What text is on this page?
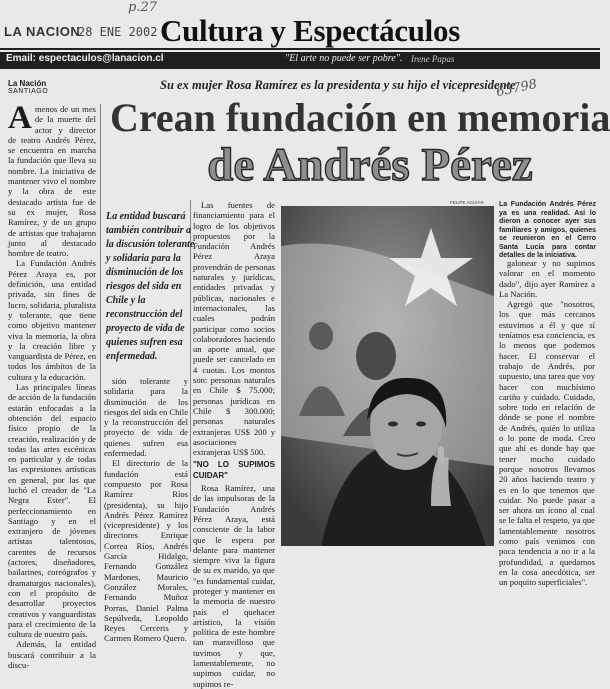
LA NACION
28 ENE 2002
p.27
Cultura y Espectáculos
Email: espectaculos@lanacion.cl	"El arte no puede ser pobre". Irene Papas
La Nación
SANTIAGO	Su ex mujer Rosa Ramírez es la presidenta y su hijo el vicepresidente
63798
Crean fundación en memoria
de Andrés Pérez
A menos de un mes de la muerte del actor y director de teatro Andrés Pérez, se encuentra en marcha la fundación que lleva su nombre. La iniciativa de mantener vivo el nombre y la obra de este destacado artista fue de su ex mujer, Rosa Ramírez, y de un grupo de artistas que trabajaron junto al destacado hombre de teatro.

La Fundación Andrés Pérez Araya es, por definición, una entidad privada, sin fines de lucro, solidaria, pluralista y tolerante, que tiene como objetivo mantener viva la memoria, la obra y la creación libre y vanguardista de Pérez, en todos los ámbitos de la cultura y la educación.

Las principales líneas de acción de la fundación estarán enfocadas a la obtención del espacio físico propio de la creación, realización y de todas las artes escénicas en particular y de todas las expresiones artísticas en general, por las que luchó el creador de "La Negra Ester". El perfeccionamiento en Santiago y en el extranjero de jóvenes artistas talentosos, carentes de recursos (actores, diseñadores, bailarines, coreógrafos y dramaturgos nacionales), con el propósito de desarrollar proyectos creativos y vanguardistas para el crecimiento de la cultura de nuestro país.

Además, la entidad buscará contribuir a la discu-

La entidad buscará también contribuir a la discusión tolerante y solidaria para la disminución de los riesgos del sida en Chile y la reconstrucción del proyecto de vida de quienes sufren esa enfermedad.

sión tolerante y solidaria para la disminución de los riesgos del sida en Chile y la reconstrucción del proyecto de vida de quienes sufren esa enfermedad.

El directorio de la fundación está compuesto por Rosa Ramírez Ríos (presidenta), su hijo Andrés Pérez Ramírez (vicepresidente) y los directores Enrique Correa Ríos, Andrés García Hidalgo, Fernando González Mardones, Mauricio González Morales, Fernando Muñoz Porras, Daniel Palma Sepúlveda, Leopoldo Reyes Cerceris y Carmen Romero Quero.

Las fuentes de financiamiento para el logro de los objetivos propuestos por la Fundación Andrés Pérez Araya provendrán de personas naturales y jurídicas, entidades privadas y públicas, nacionales e internacionales, las cuales podrán participar como socios colaboradores haciendo un aporte anual, que puede ser cancelado en 4 cuotas. Los montos son: personas naturales en Chile $ 75.000; personas jurídicas en Chile $ 300.000; personas naturales extranjeras US$ 200 y asociaciones extranjeras US$ 500.

"NO LO SUPIMOS CUIDAR"

Rosa Ramírez, una de las impulsoras de la Fundación Andrés Pérez Araya, está consciente de la labor que le espera por delante para mantener siempre viva la figura de su ex marido, ya que "es fundamental cuidar, proteger y mantener en la memoria de nuestro país el quehacer artístico, la visión política de este hombre tan maravilloso que tuvimos y que, lamentablemente, no supimos cuidar, no supimos re-

FELIPE AGUIAR La Fundación Andrés Pérez ya es una realidad. Así lo dieron a conocer ayer sus familiares y amigos, quienes se reunieron en el Cerro Santa Lucía para contar detalles de la iniciativa.

galonear y no supimos valorar en el momento dado", dijo ayer Ramírez a La Nación.

Agregó que "nosotros, los que más cercanos estuvimos a él y que sí teníamos esa conciencia, es lo menos que podemos hacer. El conservar el trabajo de Andrés, por supuesto, una tarea que voy hacer con muchísimo cariño y cuidado. Cuidado, sobre todo en relación de dónde se pone el nombre de Andrés, quién lo utiliza o lo pone de moda. Creo que ahí es donde hay que tener mucho cuidado porque nosotros llevamos 20 años haciendo teatro y es en lo que tenemos que cuidar. No puede pasar a ser ahora un ícono al cual se le falta el respeto, ya que lamentablemente nosotros como país venimos con poca tendencia a no ir a la profundidad, a quedarnos en la cosa anecdótica, ser un poquito superficiales".
